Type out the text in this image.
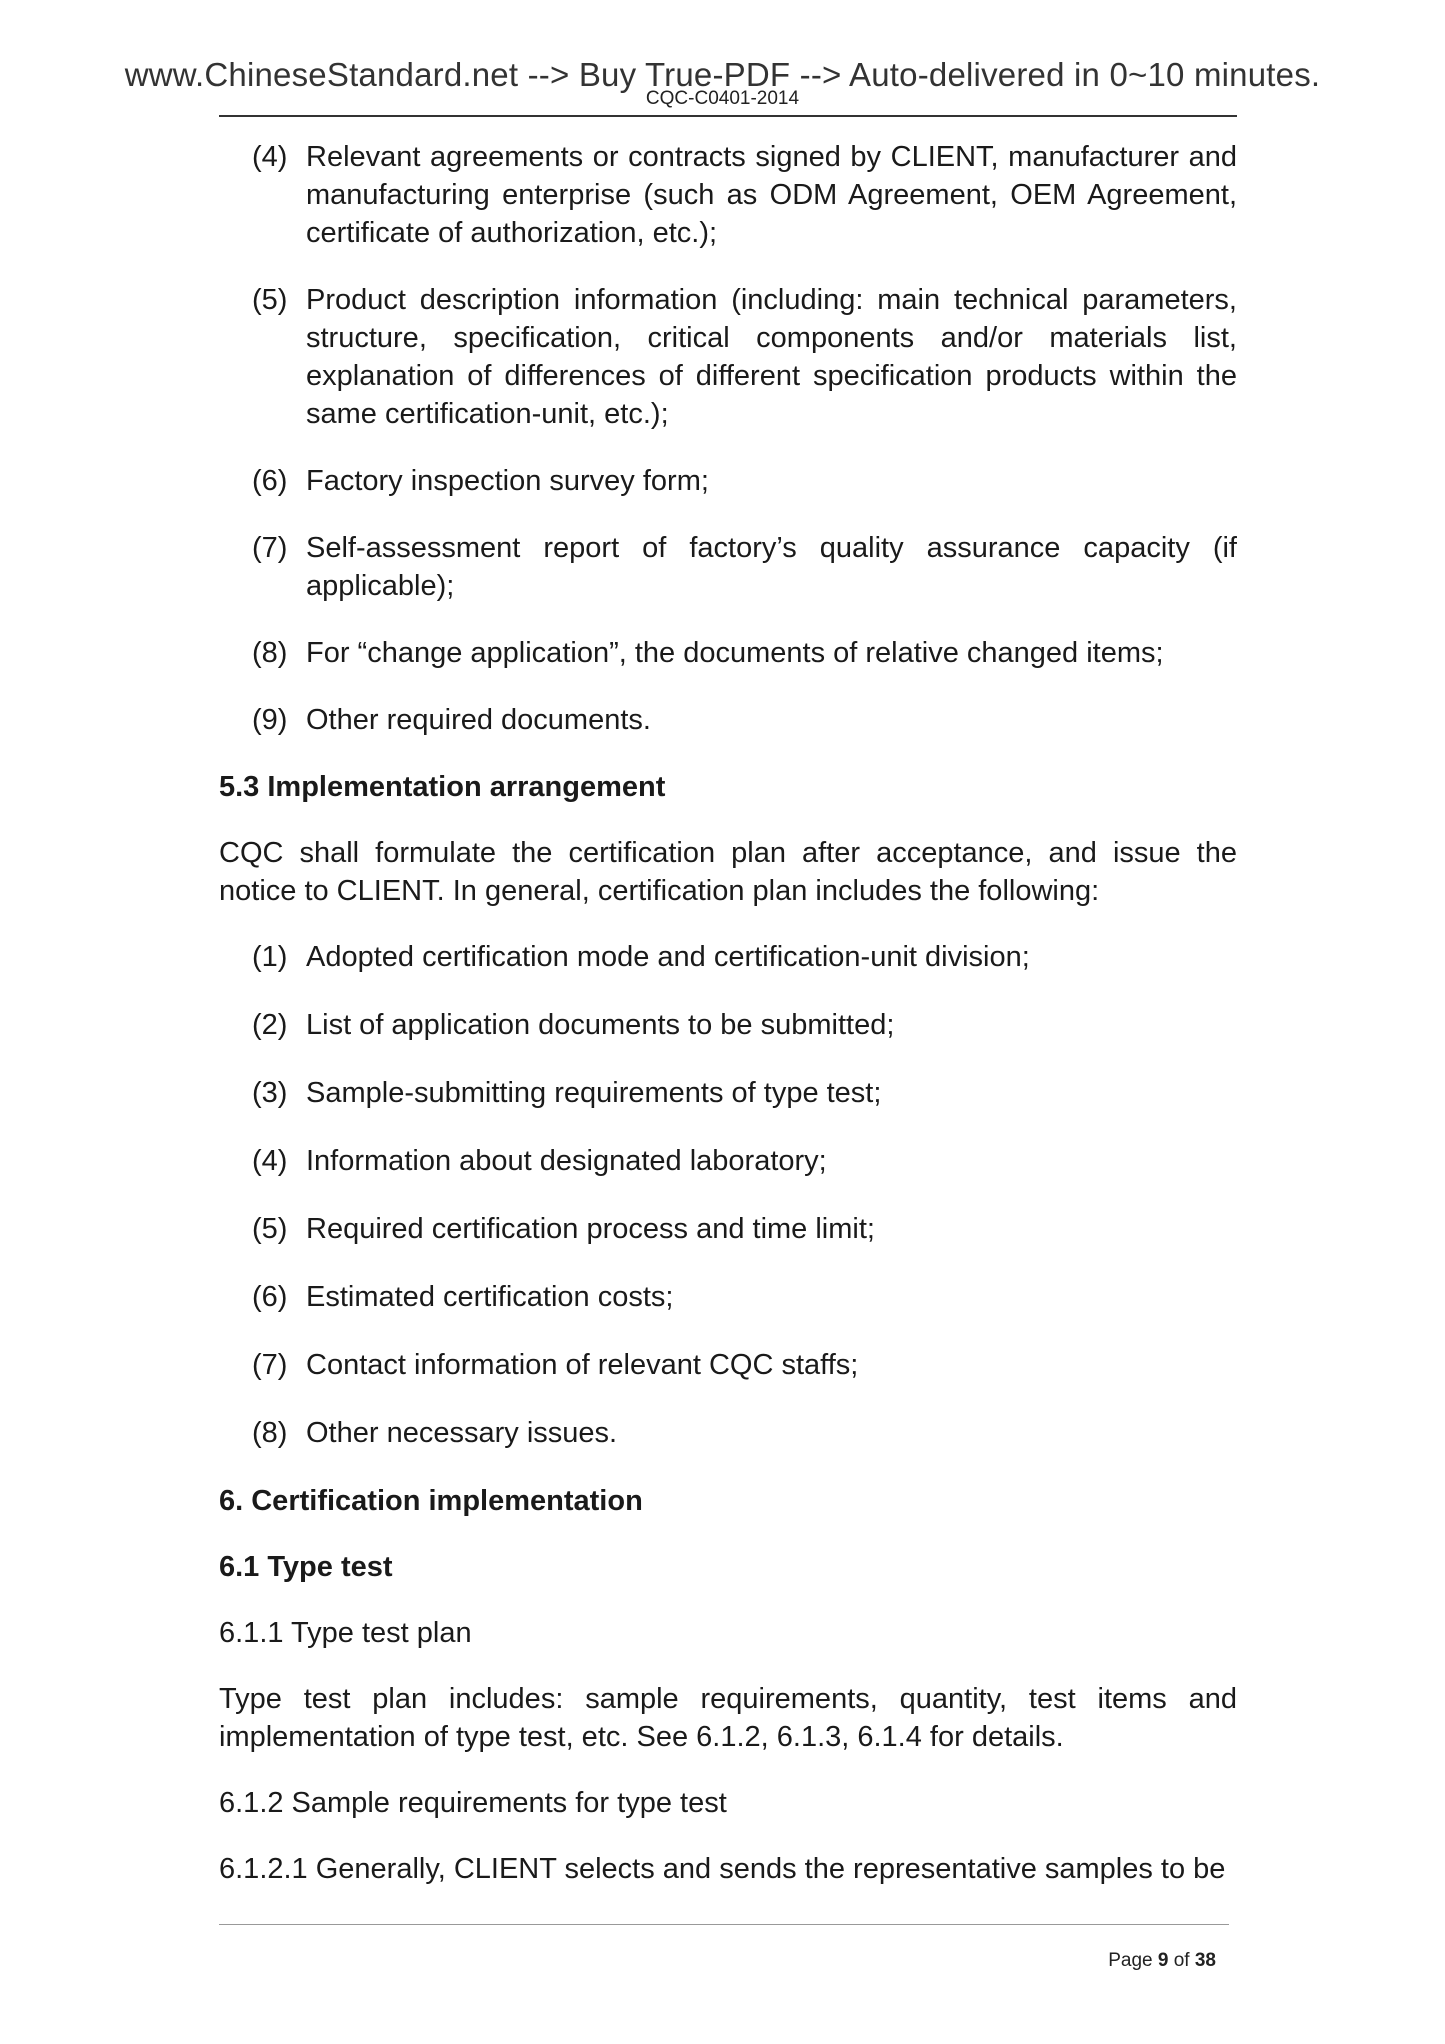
www.ChineseStandard.net --> Buy True-PDF --> Auto-delivered in 0~10 minutes.
CQC-C0401-2014
(4) Relevant agreements or contracts signed by CLIENT, manufacturer and manufacturing enterprise (such as ODM Agreement, OEM Agreement, certificate of authorization, etc.);
(5) Product description information (including: main technical parameters, structure, specification, critical components and/or materials list, explanation of differences of different specification products within the same certification-unit, etc.);
(6) Factory inspection survey form;
(7) Self-assessment report of factory’s quality assurance capacity (if applicable);
(8) For “change application”, the documents of relative changed items;
(9) Other required documents.

5.3 Implementation arrangement

CQC shall formulate the certification plan after acceptance, and issue the notice to CLIENT. In general, certification plan includes the following:

(1) Adopted certification mode and certification-unit division;
(2) List of application documents to be submitted;
(3) Sample-submitting requirements of type test;
(4) Information about designated laboratory;
(5) Required certification process and time limit;
(6) Estimated certification costs;
(7) Contact information of relevant CQC staffs;
(8) Other necessary issues.

6. Certification implementation

6.1 Type test

6.1.1 Type test plan

Type test plan includes: sample requirements, quantity, test items and implementation of type test, etc. See 6.1.2, 6.1.3, 6.1.4 for details.

6.1.2 Sample requirements for type test

6.1.2.1 Generally, CLIENT selects and sends the representative samples to be

Page 9 of 38
